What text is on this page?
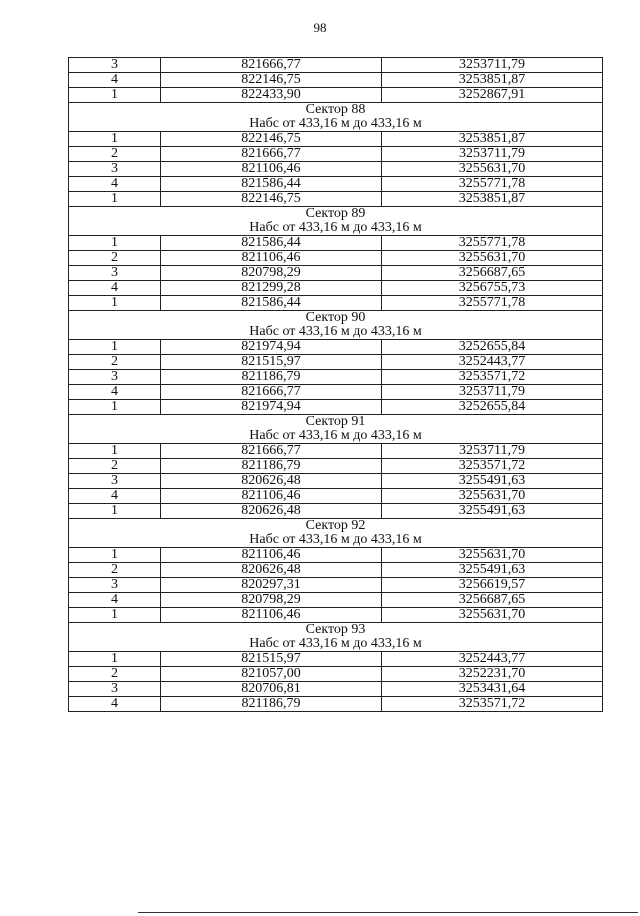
98
3	821666,77	3253711,79
4	822146,75	3253851,87
1	822433,90	3252867,91
Сектор 88		
Набс от 433,16 м до 433,16 м		
1	822146,75	3253851,87
2	821666,77	3253711,79
3	821106,46	3255631,70
4	821586,44	3255771,78
1	822146,75	3253851,87
Сектор 89		
Набс от 433,16 м до 433,16 м		
1	821586,44	3255771,78
2	821106,46	3255631,70
3	820798,29	3256687,65
4	821299,28	3256755,73
1	821586,44	3255771,78
Сектор 90		
Набс от 433,16 м до 433,16 м		
1	821974,94	3252655,84
2	821515,97	3252443,77
3	821186,79	3253571,72
4	821666,77	3253711,79
1	821974,94	3252655,84
Сектор 91		
Набс от 433,16 м до 433,16 м		
1	821666,77	3253711,79
2	821186,79	3253571,72
3	820626,48	3255491,63
4	821106,46	3255631,70
1	820626,48	3255491,63
Сектор 92		
Набс от 433,16 м до 433,16 м		
1	821106,46	3255631,70
2	820626,48	3255491,63
3	820297,31	3256619,57
4	820798,29	3256687,65
1	821106,46	3255631,70
Сектор 93		
Набс от 433,16 м до 433,16 м		
1	821515,97	3252443,77
2	821057,00	3252231,70
3	820706,81	3253431,64
4	821186,79	3253571,72
